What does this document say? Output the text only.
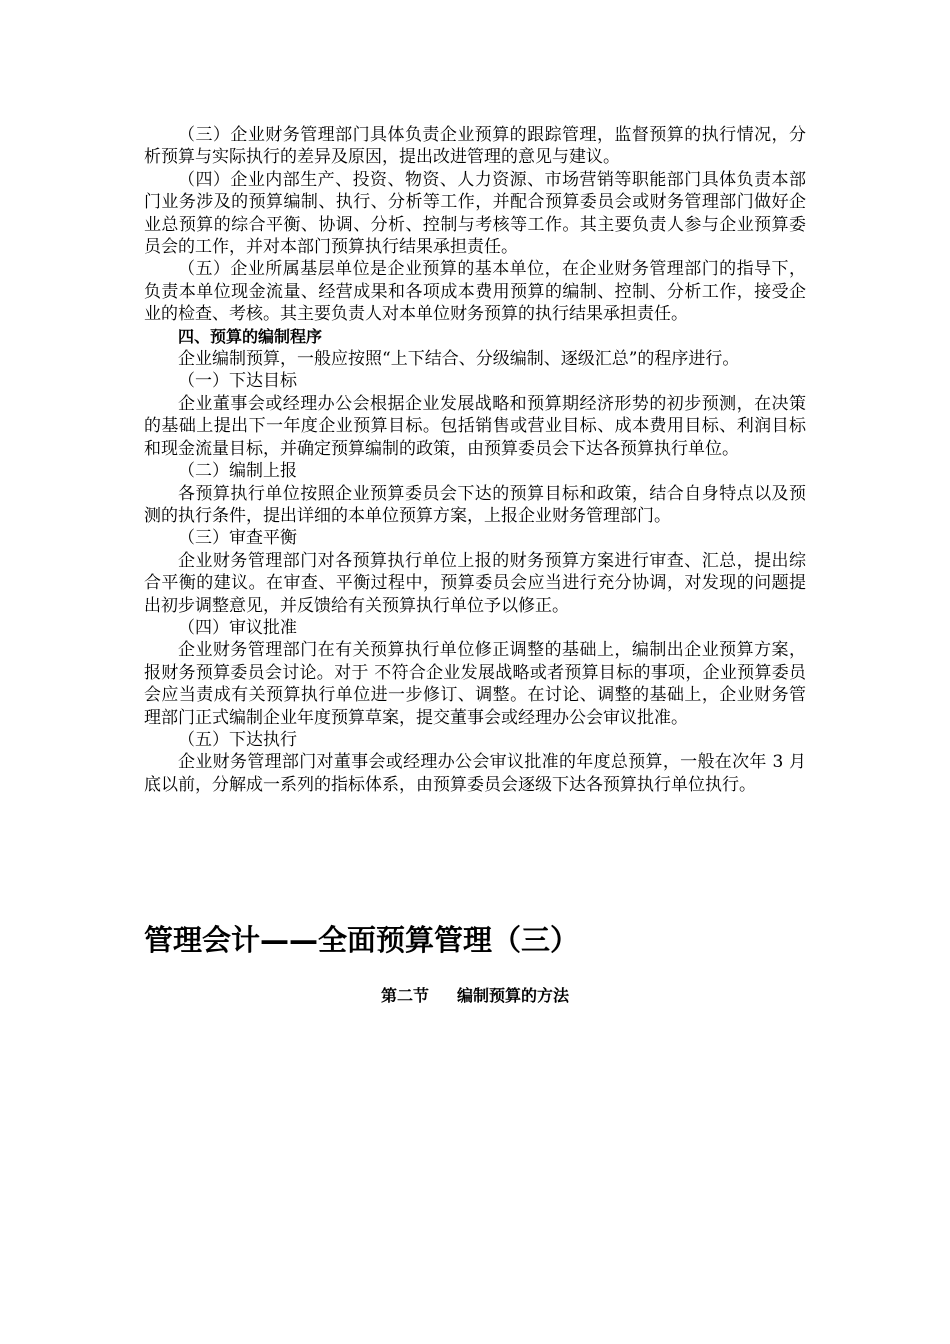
（三）企业财务管理部门具体负责企业预算的跟踪管理，监督预算的执行情况，分析预算与实际执行的差异及原因，提出改进管理的意见与建议。

（四）企业内部生产、投资、物资、人力资源、市场营销等职能部门具体负责本部门业务涉及的预算编制、执行、分析等工作，并配合预算委员会或财务管理部门做好企业总预算的综合平衡、协调、分析、控制与考核等工作。其主要负责人参与企业预算委员会的工作，并对本部门预算执行结果承担责任。

（五）企业所属基层单位是企业预算的基本单位，在企业财务管理部门的指导下，负责本单位现金流量、经营成果和各项成本费用预算的编制、控制、分析工作，接受企业的检查、考核。其主要负责人对本单位财务预算的执行结果承担责任。

四、预算的编制程序

企业编制预算，一般应按照“上下结合、分级编制、逐级汇总”的程序进行。

（一）下达目标

企业董事会或经理办公会根据企业发展战略和预算期经济形势的初步预测，在决策的基础上提出下一年度企业预算目标。包括销售或营业目标、成本费用目标、利润目标和现金流量目标，并确定预算编制的政策，由预算委员会下达各预算执行单位。

（二）编制上报

各预算执行单位按照企业预算委员会下达的预算目标和政策，结合自身特点以及预测的执行条件，提出详细的本单位预算方案，上报企业财务管理部门。

（三）审查平衡

企业财务管理部门对各预算执行单位上报的财务预算方案进行审查、汇总，提出综合平衡的建议。在审查、平衡过程中，预算委员会应当进行充分协调，对发现的问题提出初步调整意见，并反馈给有关预算执行单位予以修正。

（四）审议批准

企业财务管理部门在有关预算执行单位修正调整的基础上，编制出企业预算方案，报财务预算委员会讨论。对于 不符合企业发展战略或者预算目标的事项，企业预算委员会应当责成有关预算执行单位进一步修订、调整。在讨论、调整的基础上，企业财务管理部门正式编制企业年度预算草案，提交董事会或经理办公会审议批准。

（五）下达执行

企业财务管理部门对董事会或经理办公会审议批准的年度总预算，一般在次年 3 月底以前，分解成一系列的指标体系，由预算委员会逐级下达各预算执行单位执行。

管理会计——全面预算管理（三）
第二节 编制预算的方法
